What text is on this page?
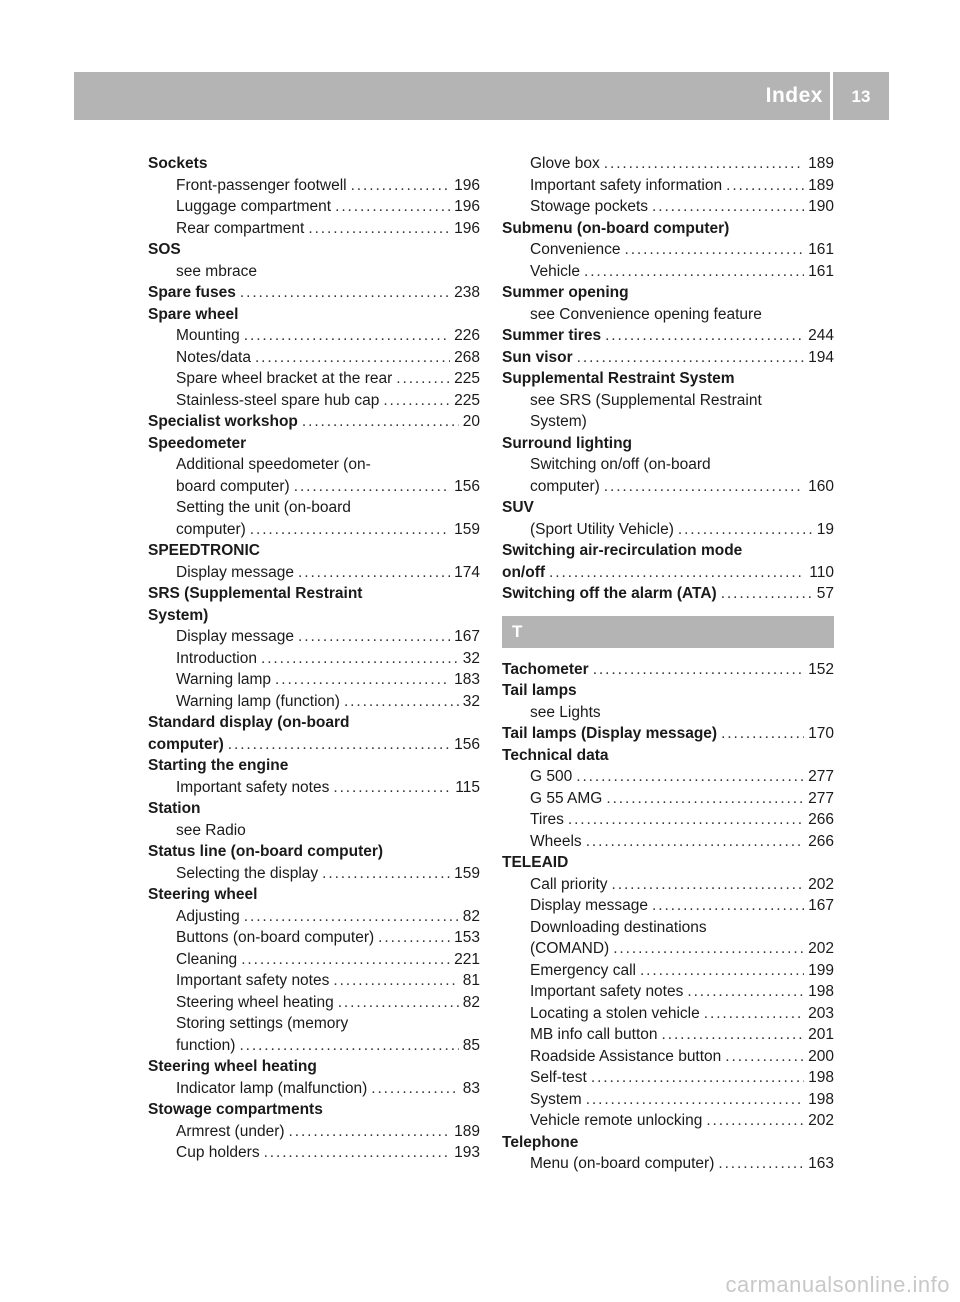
Index	13
Sockets
Front-passenger footwell . . .	196
Luggage compartment . . .	196
Rear compartment . . .	196
SOS
see mbrace
Spare fuses . . .	238
Spare wheel
Mounting . . .	226
Notes/data . . .	268
Spare wheel bracket at the rear . . .	225
Stainless-steel spare hub cap . . .	225
Specialist workshop . . .	20
Speedometer
Additional speedometer (on-
board computer) . . .	156
Setting the unit (on-board
computer) . . .	159
SPEEDTRONIC
Display message . . .	174
SRS (Supplemental Restraint
System)
Display message . . .	167
Introduction . . .	32
Warning lamp . . .	183
Warning lamp (function) . . .	32
Standard display (on-board
computer) . . .	156
Starting the engine
Important safety notes . . .	115
Station
see Radio
Status line (on-board computer)
Selecting the display . . .	159
Steering wheel
Adjusting . . .	82
Buttons (on-board computer) . . .	153
Cleaning . . .	221
Important safety notes . . .	81
Steering wheel heating . . .	82
Storing settings (memory
function) . . .	85
Steering wheel heating
Indicator lamp (malfunction) . . .	83
Stowage compartments
Armrest (under) . . .	189
Cup holders . . .	193
Glove box . . .	189
Important safety information . . .	189
Stowage pockets . . .	190
Submenu (on-board computer)
Convenience . . .	161
Vehicle . . .	161
Summer opening
see Convenience opening feature
Summer tires . . .	244
Sun visor . . .	194
Supplemental Restraint System
see SRS (Supplemental Restraint
System)
Surround lighting
Switching on/off (on-board
computer) . . .	160
SUV
(Sport Utility Vehicle) . . .	19
Switching air-recirculation mode
on/off . . .	110
Switching off the alarm (ATA) . . .	57
T
Tachometer . . .	152
Tail lamps
see Lights
Tail lamps (Display message) . . .	170
Technical data
G 500 . . .	277
G 55 AMG . . .	277
Tires . . .	266
Wheels . . .	266
TELEAID
Call priority . . .	202
Display message . . .	167
Downloading destinations
(COMAND) . . .	202
Emergency call . . .	199
Important safety notes . . .	198
Locating a stolen vehicle . . .	203
MB info call button . . .	201
Roadside Assistance button . . .	200
Self-test . . .	198
System . . .	198
Vehicle remote unlocking . . .	202
Telephone
Menu (on-board computer) . . .	163
carmanualsonline.info
